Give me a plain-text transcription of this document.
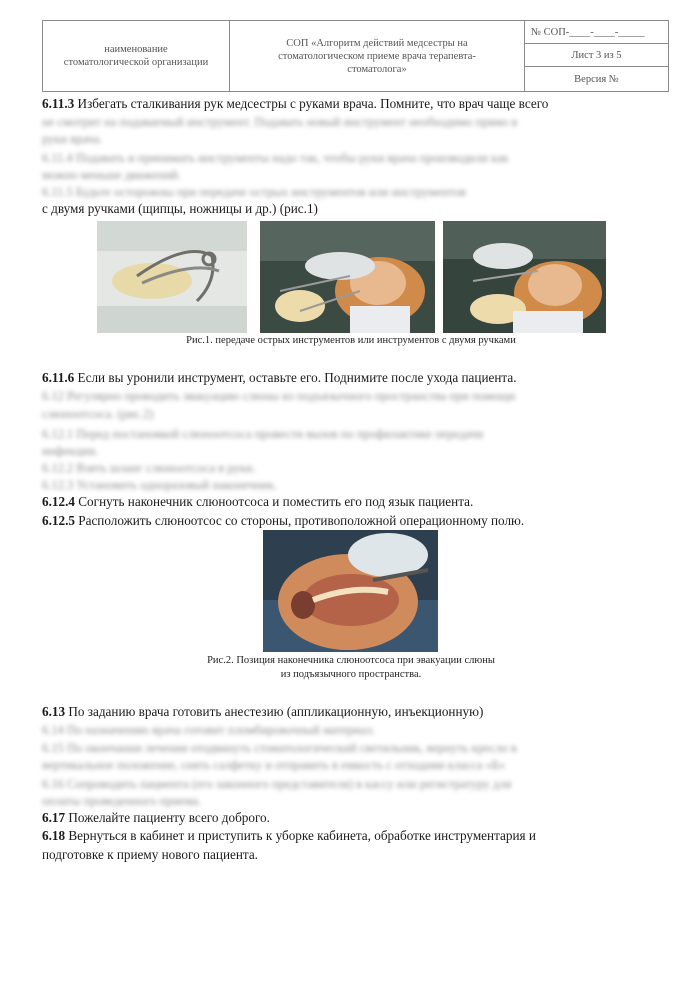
наименование
стоматологической организации	СОП «Алгоритм действий медсестры на
стоматологическом приеме врача терапевта-
стоматолога»	№ СОП-____-____-_____
Лист 3 из 5
Версия №
6.11.3 Избегать сталкивания рук медсестры с руками врача. Помните, что врач чаще всего
не смотрит на подаваемый инструмент. Подавать новый инструмент необходимо прямо в
руки врача.
6.11.4 Подавать и принимать инструменты надо так, чтобы руки врача производили как
можно меньше движений.
6.11.5 Будьте осторожны при передаче острых инструментов или инструментов
с двумя ручками (щипцы, ножницы и др.) (рис.1)
Рис.1. передаче острых инструментов или инструментов с двумя ручками
6.11.6 Если вы уронили инструмент, оставьте его. Поднимите после ухода пациента.
6.12 Регулярно проводить эвакуацию слюны из подъязычного пространства при помощи
слюноотсоса. (рис.2)
6.12.1 Перед постановкой слюноотсоса провести вызов по профилактике передачи
инфекции.
6.12.2 Взять шланг слюноотсоса в руки.
6.12.3 Установить одноразовый наконечник.
6.12.4 Согнуть наконечник слюноотсоса и поместить его под язык пациента.
6.12.5 Расположить слюноотсос со стороны, противоположной операционному полю.
Рис.2. Позиция наконечника слюноотсоса при эвакуации слюны
из подъязычного пространства.
6.13 По заданию врача готовить анестезию (аппликационную, инъекционную)
6.14 По назначению врача готовит пломбировочный материал.
6.15 По окончании лечения отодвинуть стоматологический светильник, вернуть кресло в
вертикальное положение, снять салфетку и отправить в емкость с отходами класса «Б»
6.16 Сопроводить пациента (его законного представителя) в кассу или регистратуру для
оплаты проведенного приема.
6.17 Пожелайте пациенту всего доброго.
6.18 Вернуться в кабинет и приступить к уборке кабинета, обработке инструментария и
подготовке к приему нового пациента.
